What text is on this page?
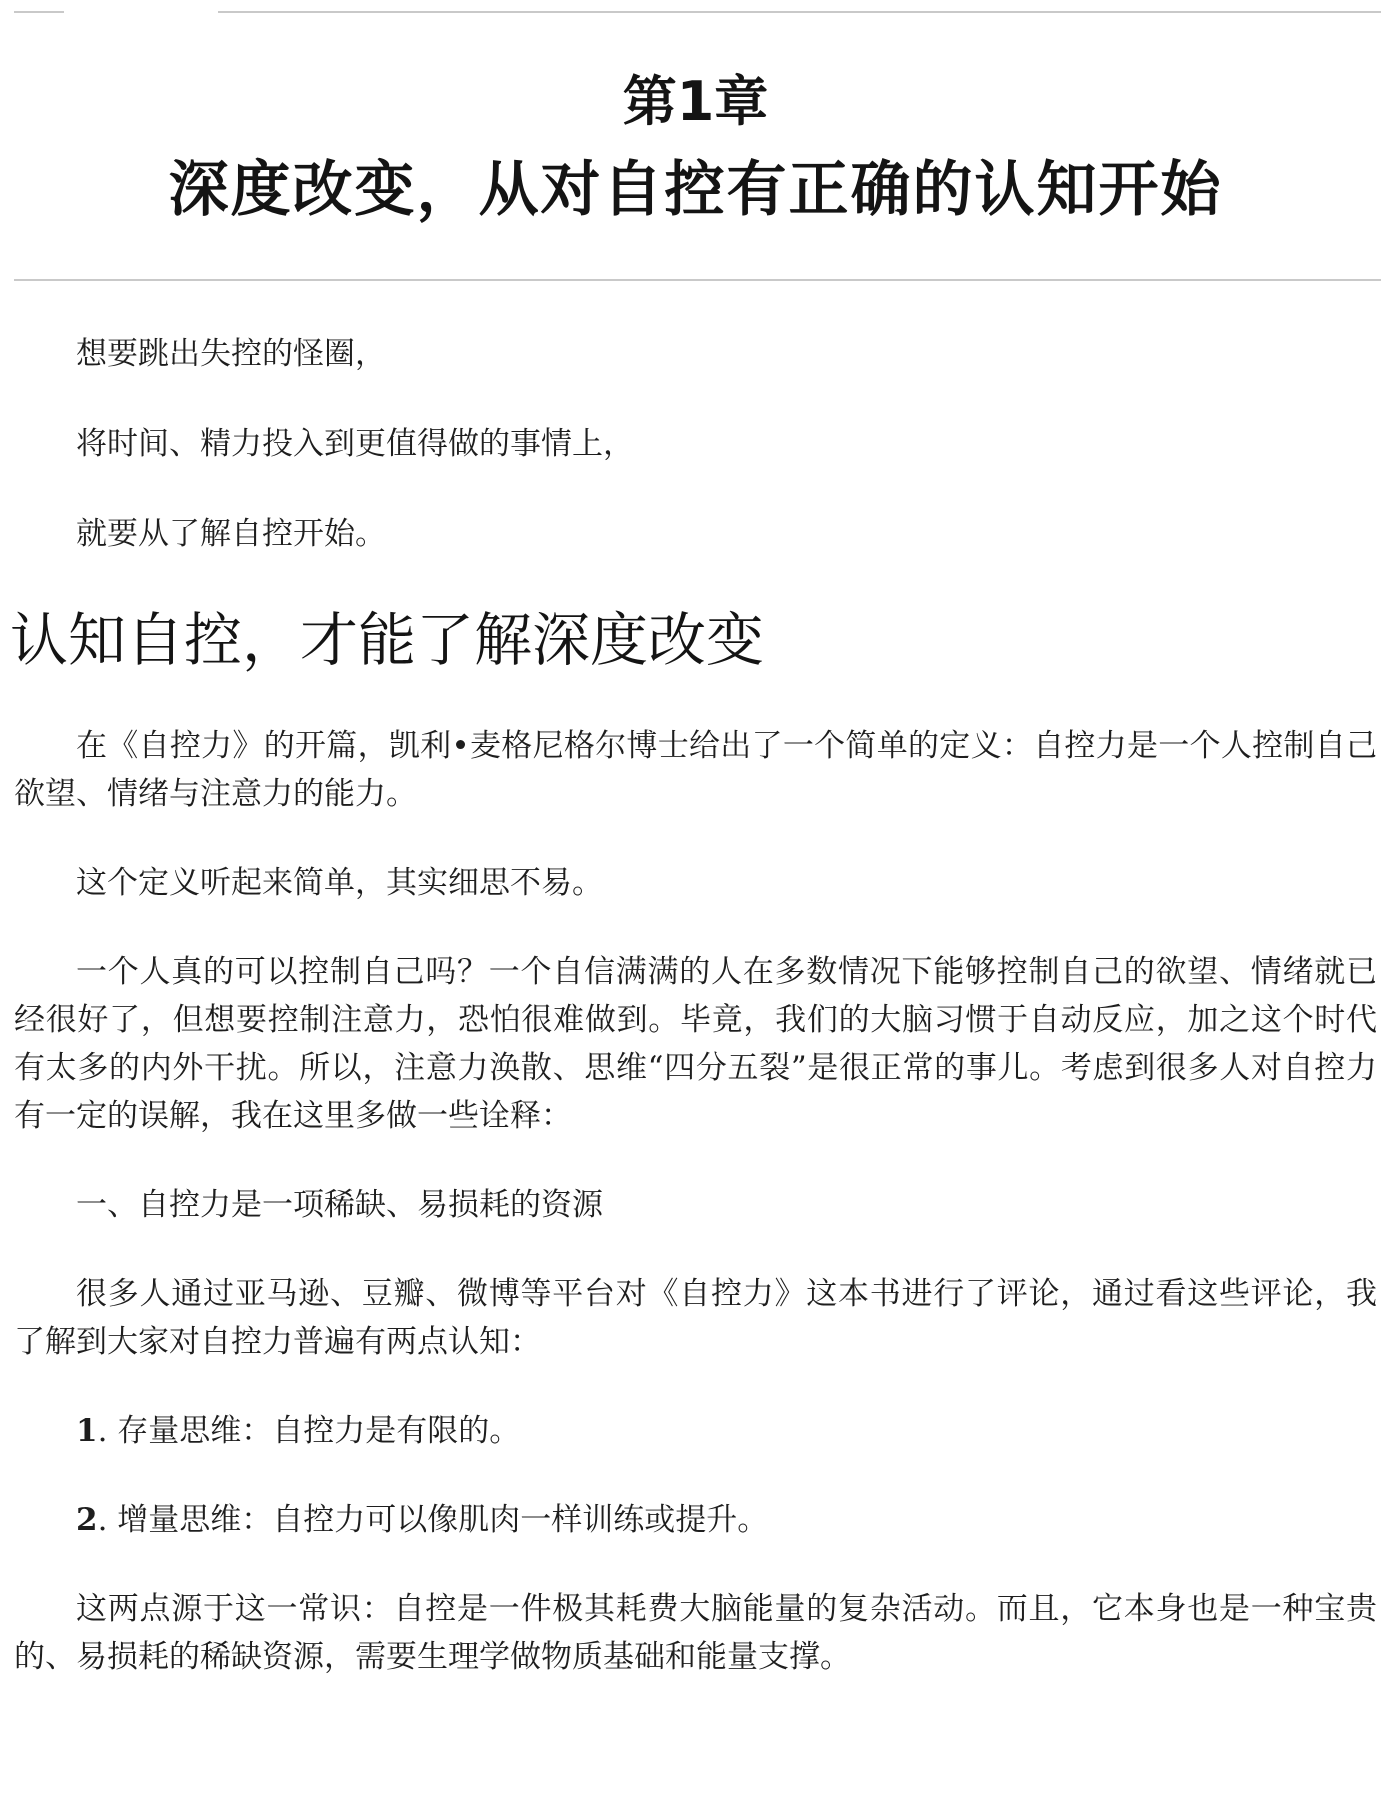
第1章
深度改变，从对自控有正确的认知开始

想要跳出失控的怪圈，

将时间、精力投入到更值得做的事情上，

就要从了解自控开始。

认知自控，才能了解深度改变

在《自控力》的开篇，凯利•麦格尼格尔博士给出了一个简单的定义：自控力是一个人控制自己欲望、情绪与注意力的能力。

这个定义听起来简单，其实细思不易。

一个人真的可以控制自己吗？一个自信满满的人在多数情况下能够控制自己的欲望、情绪就已经很好了，但想要控制注意力，恐怕很难做到。毕竟，我们的大脑习惯于自动反应，加之这个时代有太多的内外干扰。所以，注意力涣散、思维“四分五裂”是很正常的事儿。考虑到很多人对自控力有一定的误解，我在这里多做一些诠释：

一、自控力是一项稀缺、易损耗的资源

很多人通过亚马逊、豆瓣、微博等平台对《自控力》这本书进行了评论，通过看这些评论，我了解到大家对自控力普遍有两点认知：

1. 存量思维：自控力是有限的。

2. 增量思维：自控力可以像肌肉一样训练或提升。

这两点源于这一常识：自控是一件极其耗费大脑能量的复杂活动。而且，它本身也是一种宝贵的、易损耗的稀缺资源，需要生理学做物质基础和能量支撑。
